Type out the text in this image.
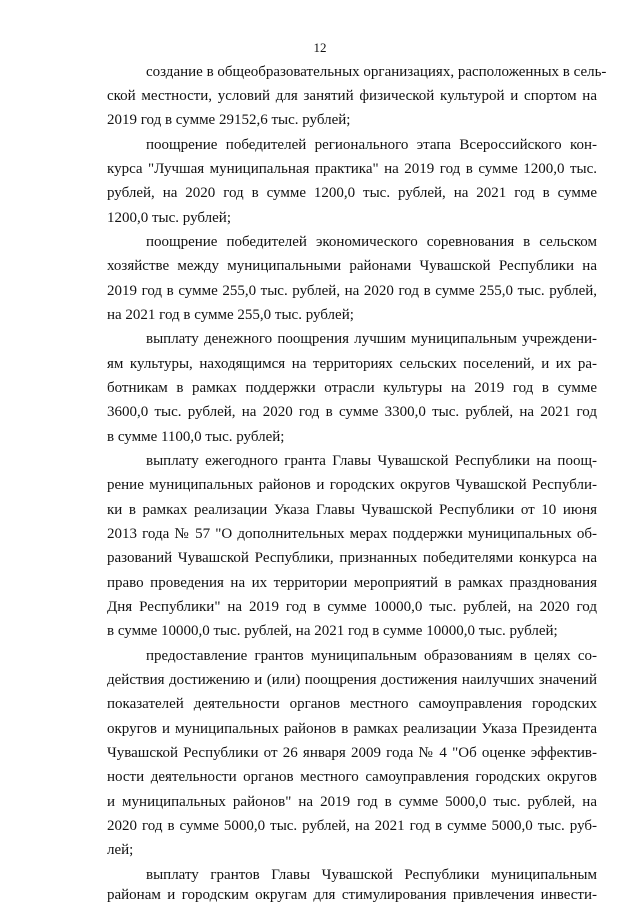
12
создание в общеобразовательных организациях, расположенных в сель-
ской местности, условий для занятий физической культурой и спортом на
2019 год в сумме 29152,6 тыс. рублей;
поощрение победителей регионального этапа Всероссийского кон-
курса "Лучшая муниципальная практика" на 2019 год в сумме 1200,0 тыс.
рублей, на 2020 год в сумме 1200,0 тыс. рублей, на 2021 год в сумме
1200,0 тыс. рублей;
поощрение победителей экономического соревнования в сельском
хозяйстве между муниципальными районами Чувашской Республики на
2019 год в сумме 255,0 тыс. рублей, на 2020 год в сумме 255,0 тыс. рублей,
на 2021 год в сумме 255,0 тыс. рублей;
выплату денежного поощрения лучшим муниципальным учреждени-
ям культуры, находящимся на территориях сельских поселений, и их ра-
ботникам в рамках поддержки отрасли культуры на 2019 год в сумме
3600,0 тыс. рублей, на 2020 год в сумме 3300,0 тыс. рублей, на 2021 год
в сумме 1100,0 тыс. рублей;
выплату ежегодного гранта Главы Чувашской Республики на поощ-
рение муниципальных районов и городских округов Чувашской Республи-
ки в рамках реализации Указа Главы Чувашской Республики от 10 июня
2013 года № 57 "О дополнительных мерах поддержки муниципальных об-
разований Чувашской Республики, признанных победителями конкурса на
право проведения на их территории мероприятий в рамках празднования
Дня Республики" на 2019 год в сумме 10000,0 тыс. рублей, на 2020 год
в сумме 10000,0 тыс. рублей, на 2021 год в сумме 10000,0 тыс. рублей;
предоставление грантов муниципальным образованиям в целях со-
действия достижению и (или) поощрения достижения наилучших значений
показателей деятельности органов местного самоуправления городских
округов и муниципальных районов в рамках реализации Указа Президента
Чувашской Республики от 26 января 2009 года № 4 "Об оценке эффектив-
ности деятельности органов местного самоуправления городских округов
и муниципальных районов" на 2019 год в сумме 5000,0 тыс. рублей, на
2020 год в сумме 5000,0 тыс. рублей, на 2021 год в сумме 5000,0 тыс. руб-
лей;
выплату грантов Главы Чувашской Республики муниципальным
районам и городским округам для стимулирования привлечения инвести-
